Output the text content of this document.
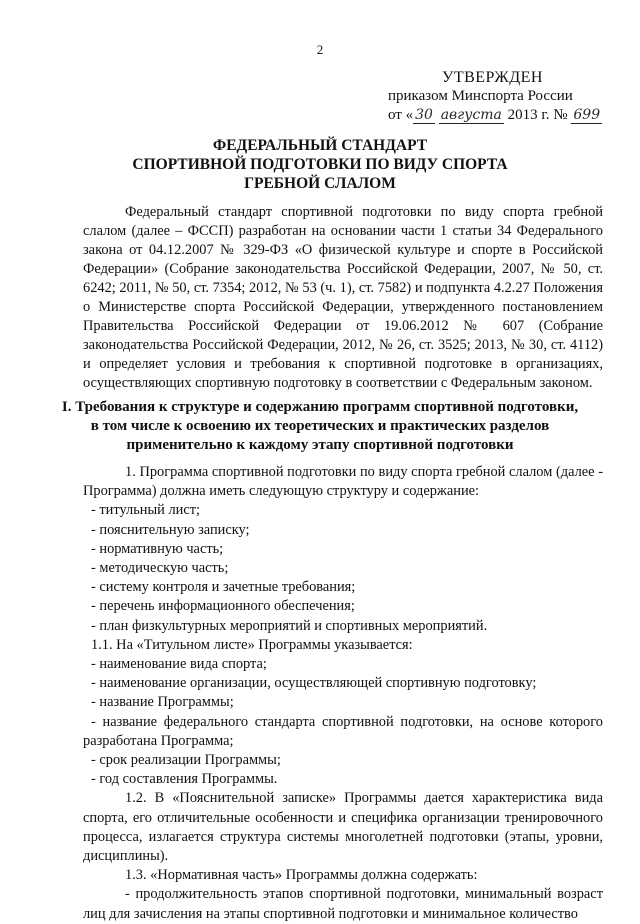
2
УТВЕРЖДЕН
приказом Минспорта России
от « 30 августа 2013 г. № 699
ФЕДЕРАЛЬНЫЙ СТАНДАРТ
СПОРТИВНОЙ ПОДГОТОВКИ ПО ВИДУ СПОРТА
ГРЕБНОЙ СЛАЛОМ

Федеральный стандарт спортивной подготовки по виду спорта гребной слалом (далее – ФССП) разработан на основании части 1 статьи 34 Федерального закона от 04.12.2007 № 329-ФЗ «О физической культуре и спорте в Российской Федерации» (Собрание законодательства Российской Федерации, 2007, № 50, ст. 6242; 2011, № 50, ст. 7354; 2012, № 53 (ч. 1), ст. 7582) и подпункта 4.2.27 Положения о Министерстве спорта Российской Федерации, утвержденного постановлением Правительства Российской Федерации от 19.06.2012 № 607 (Собрание законодательства Российской Федерации, 2012, № 26, ст. 3525; 2013, № 30, ст. 4112) и определяет условия и требования к спортивной подготовке в организациях, осуществляющих спортивную подготовку в соответствии с Федеральным законом.

I. Требования к структуре и содержанию программ спортивной подготовки,
в том числе к освоению их теоретических и практических разделов
применительно к каждому этапу спортивной подготовки

1. Программа спортивной подготовки по виду спорта гребной слалом (далее - Программа) должна иметь следующую структуру и содержание:

- титульный лист;
- пояснительную записку;
- нормативную часть;
- методическую часть;
- систему контроля и зачетные требования;
- перечень информационного обеспечения;
- план физкультурных мероприятий и спортивных мероприятий.
1.1. На «Титульном листе» Программы указывается:
- наименование вида спорта;
- наименование организации, осуществляющей спортивную подготовку;
- название Программы;

- название федерального стандарта спортивной подготовки, на основе которого разработана Программа;

- срок реализации Программы;
- год составления Программы.

1.2. В «Пояснительной записке» Программы дается характеристика вида спорта, его отличительные особенности и специфика организации тренировочного процесса, излагается структура системы многолетней подготовки (этапы, уровни, дисциплины).

1.3. «Нормативная часть» Программы должна содержать:

- продолжительность этапов спортивной подготовки, минимальный возраст лиц для зачисления на этапы спортивной подготовки и минимальное количество
